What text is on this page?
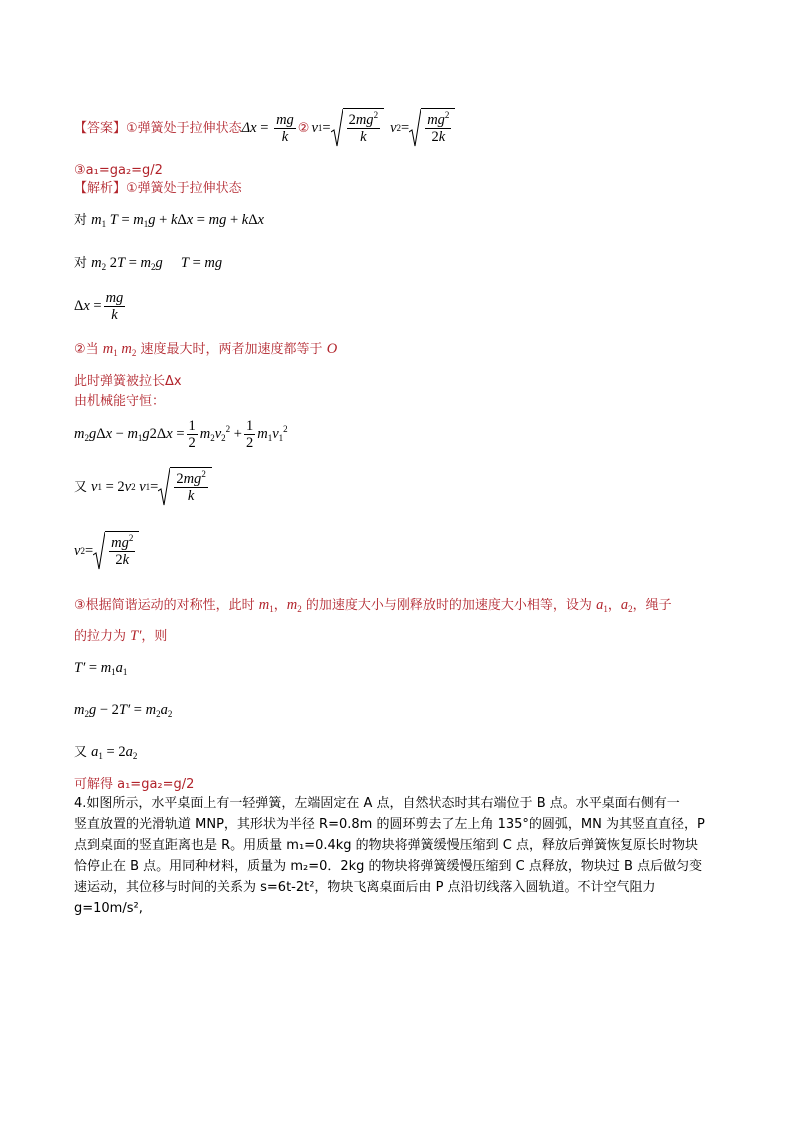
【答案】 ①弹簧处于拉伸状态 $\Delta x = \frac{mg}{k}$ ② v $1 = \frac{2mg^2}{k}$ v $2 = \frac{mg^2}{2k}$
③a₁=ga₂=g/2
【解析】①弹簧处于拉伸状态
对 $m_1$ $T = m_1g + k\Delta x$ = mg + kΔx
对 $m_2$ $2T = m_2g$ T = mg
$\Delta x = \frac{mg}{k}$
②当 $m_1$ $m_2$ 速度最大时，两者加速度都等于 O
此时弹簧被拉长Δx
由机械能守恒：
$m_2g\Delta x - m_1g2\Delta x = \frac{1}{2} m_2v_2^2 + \frac{1}{2} m_1v_1^2$
又 v 1 = 2 v 2
v $1 = \frac{2mg^2}{k}$
v $2 = \frac{mg^2}{2k}$
③根据简谐运动的对称性，此时 $m_1$，$m_2$ 的加速度大小与刚释放时的加速度大小相等，设为 $a_1$，$a_2$，绳子
的拉力为 T′，则
$T' = m_1a_1$
$m_2g - 2T' = m_2a_2$
又 $a_1 = 2a_2$
可解得 a₁=ga₂=g/2
4.如图所示，水平桌面上有一轻弹簧，左端固定在 A 点，自然状态时其右端位于 B 点。水平桌面右侧有一
竖直放置的光滑轨道 MNP，其形状为半径 R=0.8m 的圆环剪去了左上角 135°的圆弧，MN 为其竖直直径，P
点到桌面的竖直距离也是 R。用质量 m₁=0.4kg 的物块将弹簧缓慢压缩到 C 点，释放后弹簧恢复原长时物块
恰停止在 B 点。用同种材料，质量为 m₂=0．2kg 的物块将弹簧缓慢压缩到 C 点释放，物块过 B 点后做匀变
速运动，其位移与时间的关系为 s=6t-2t²，物块飞离桌面后由 P 点沿切线落入圆轨道。不计空气阻力
g=10m/s²,
